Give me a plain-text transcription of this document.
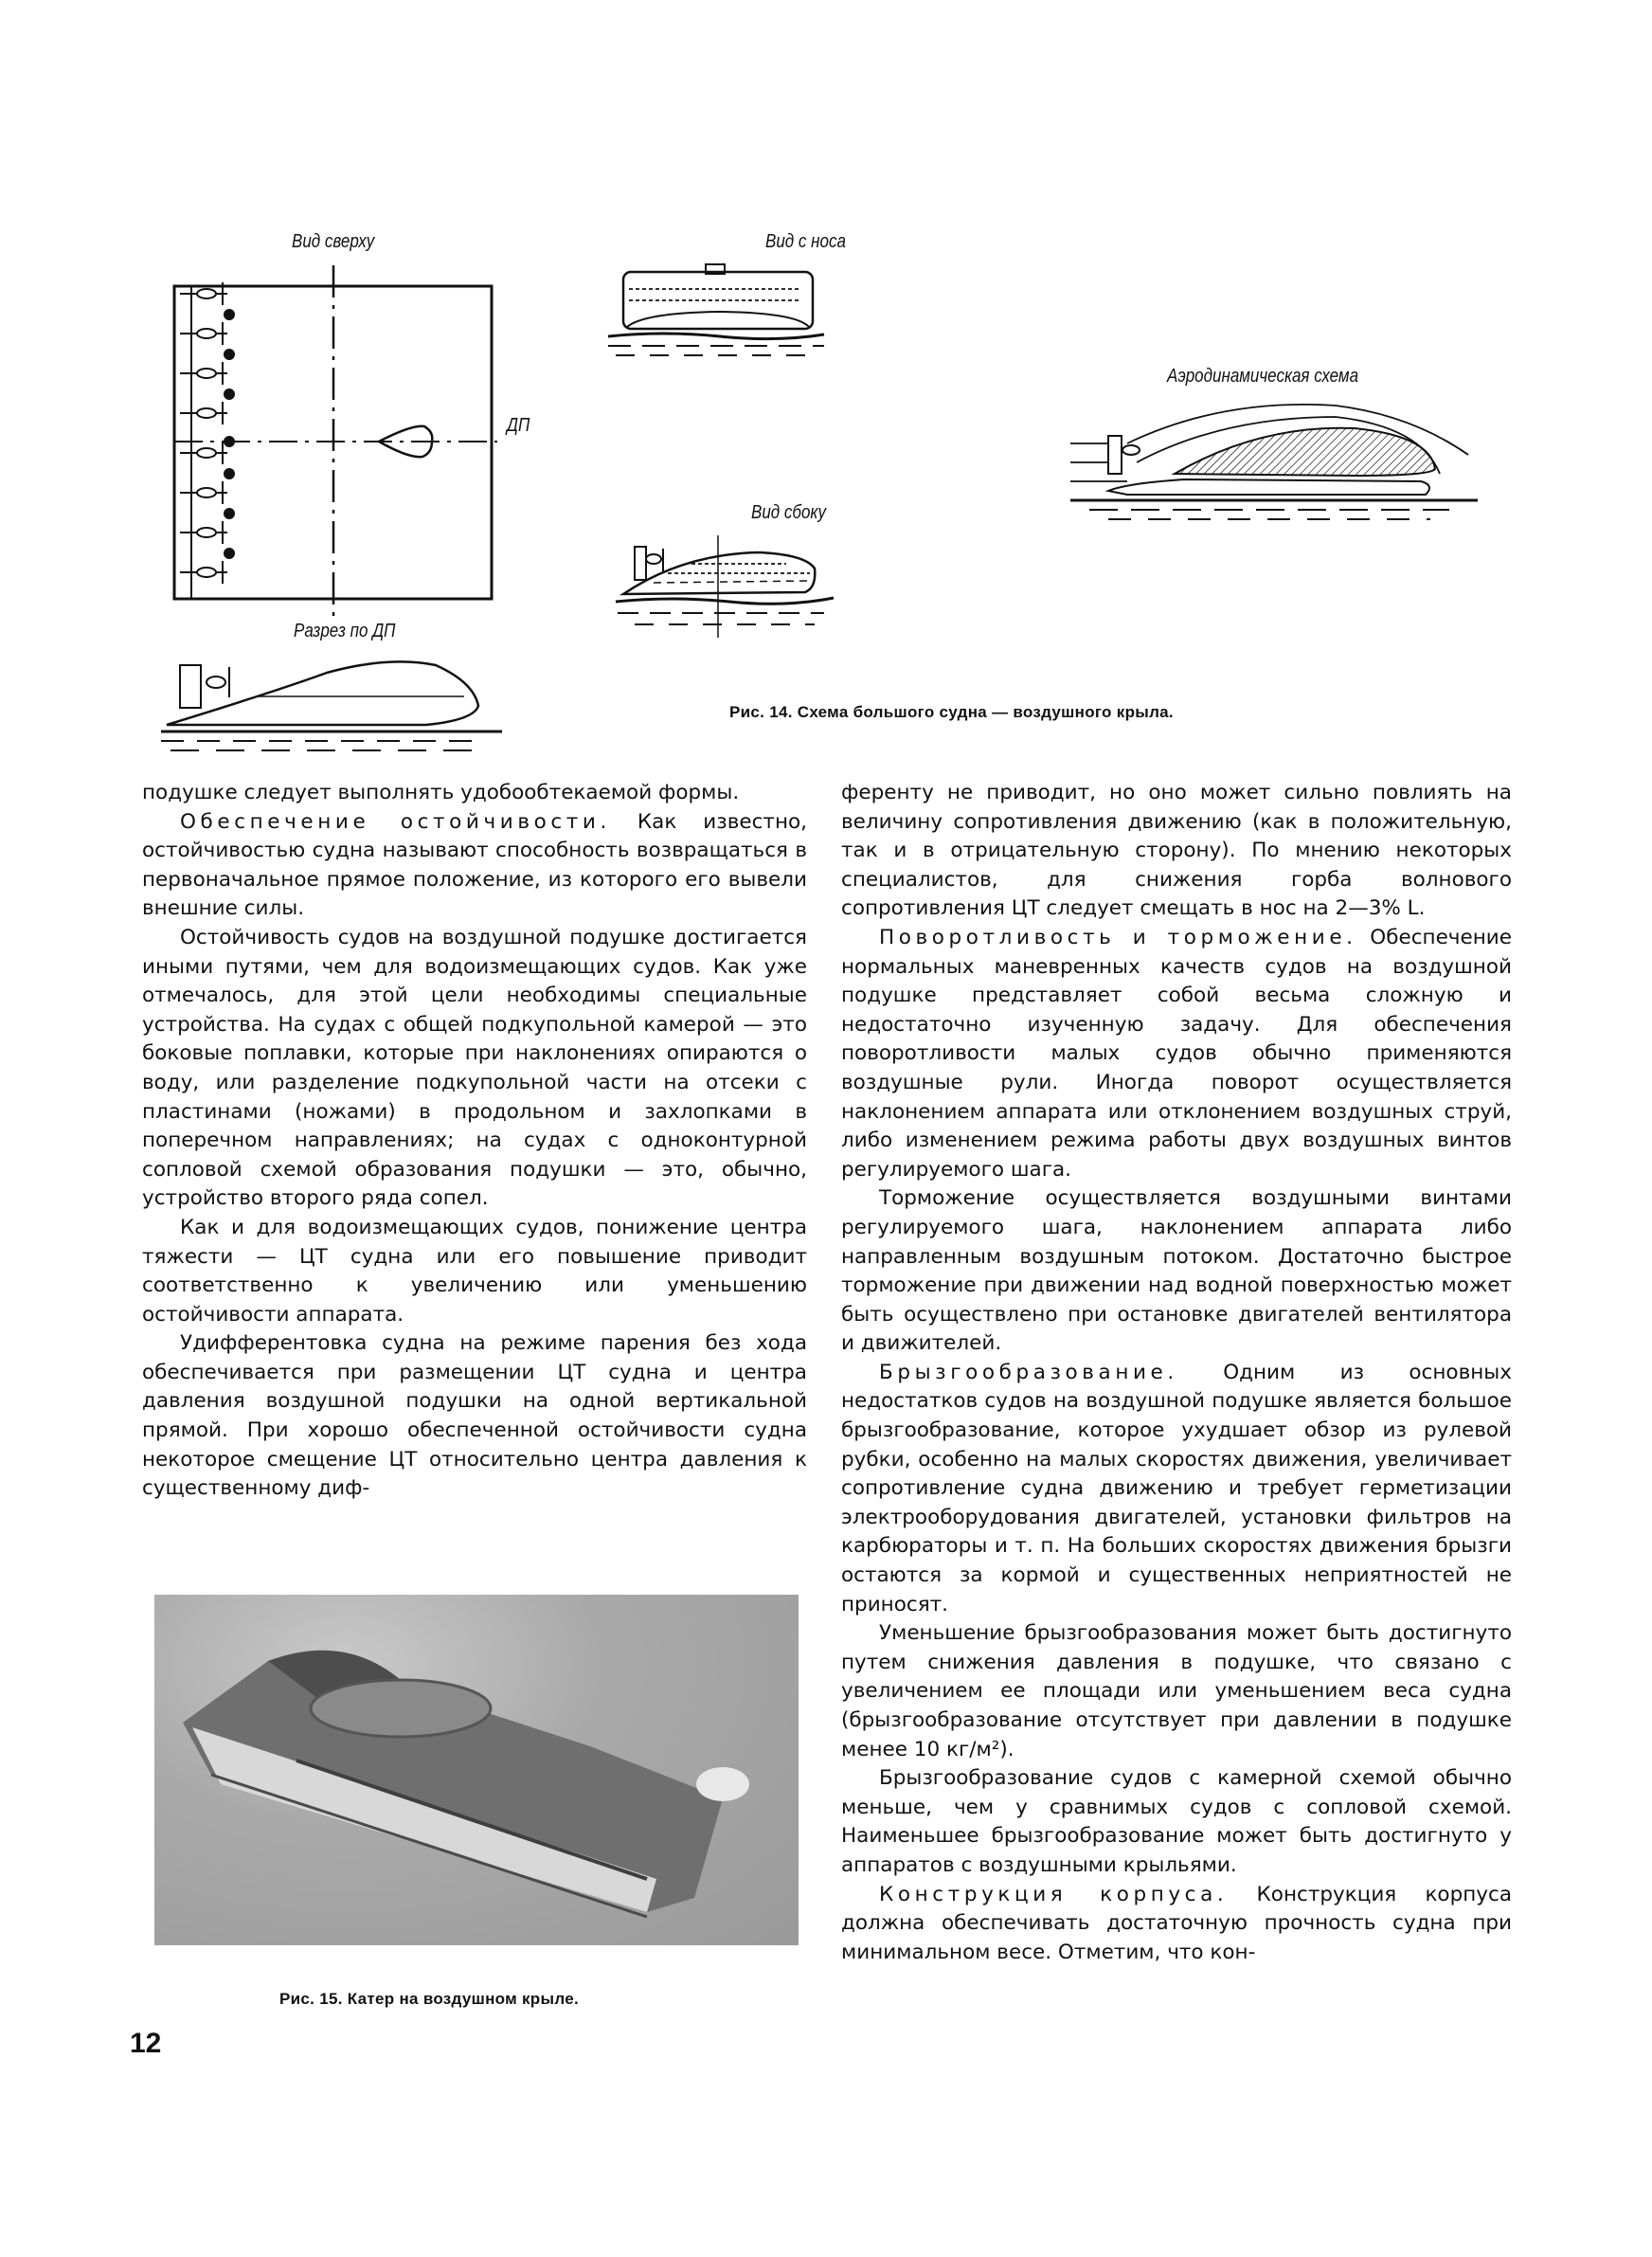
Вид сверху
ДП
Разрез по ДП
Вид с носа
Аэродинамическая схема
Вид сбоку
Рис. 14. Схема большого судна — воздушного крыла.

подушке следует выполнять удобообтекаемой формы.

Обеспечение остойчивости. Как известно, остойчивостью судна называют способность возвращаться в первоначальное прямое положение, из которого его вывели внешние силы.

Остойчивость судов на воздушной подушке достигается иными путями, чем для водоизмещающих судов. Как уже отмечалось, для этой цели необходимы специальные устройства. На судах с общей подкупольной камерой — это боковые поплавки, которые при наклонениях опираются о воду, или разделение подкупольной части на отсеки с пластинами (ножами) в продольном и захлопками в поперечном направлениях; на судах с одноконтурной сопловой схемой образования подушки — это, обычно, устройство второго ряда сопел.

Как и для водоизмещающих судов, понижение центра тяжести — ЦТ судна или его повышение приводит соответственно к увеличению или уменьшению остойчивости аппарата.

Удифферентовка судна на режиме парения без хода обеспечивается при размещении ЦТ судна и центра давления воздушной подушки на одной вертикальной прямой. При хорошо обеспеченной остойчивости судна некоторое смещение ЦТ относительно центра давления к существенному диф-

Рис. 15. Катер на воздушном крыле.

ференту не приводит, но оно может сильно повлиять на величину сопротивления движению (как в положительную, так и в отрицательную сторону). По мнению некоторых специалистов, для снижения горба волнового сопротивления ЦТ следует смещать в нос на 2—3% L.

Поворотливость и торможение. Обеспечение нормальных маневренных качеств судов на воздушной подушке представляет собой весьма сложную и недостаточно изученную задачу. Для обеспечения поворотливости малых судов обычно применяются воздушные рули. Иногда поворот осуществляется наклонением аппарата или отклонением воздушных струй, либо изменением режима работы двух воздушных винтов регулируемого шага.

Торможение осуществляется воздушными винтами регулируемого шага, наклонением аппарата либо направленным воздушным потоком. Достаточно быстрое торможение при движении над водной поверхностью может быть осуществлено при остановке двигателей вентилятора и движителей.

Брызгообразование. Одним из основных недостатков судов на воздушной подушке является большое брызгообразование, которое ухудшает обзор из рулевой рубки, особенно на малых скоростях движения, увеличивает сопротивление судна движению и требует герметизации электрооборудования двигателей, установки фильтров на карбюраторы и т. п. На больших скоростях движения брызги остаются за кормой и существенных неприятностей не приносят.

Уменьшение брызгообразования может быть достигнуто путем снижения давления в подушке, что связано с увеличением ее площади или уменьшением веса судна (брызгообразование отсутствует при давлении в подушке менее 10 кг/м²).

Брызгообразование судов с камерной схемой обычно меньше, чем у сравнимых судов с сопловой схемой. Наименьшее брызгообразование может быть достигнуто у аппаратов с воздушными крыльями.

Конструкция корпуса. Конструкция корпуса должна обеспечивать достаточную прочность судна при минимальном весе. Отметим, что кон-

12
